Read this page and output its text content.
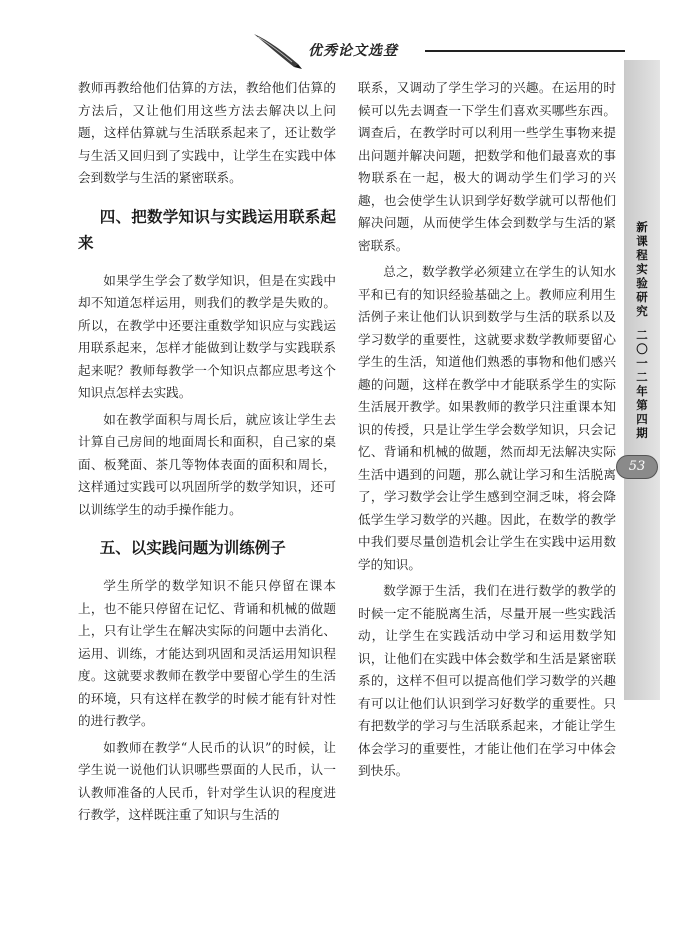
优秀论文选登

教师再教给他们估算的方法，教给他们估算的方法后，又让他们用这些方法去解决以上问题，这样估算就与生活联系起来了，还让数学与生活又回归到了实践中，让学生在实践中体会到数学与生活的紧密联系。

四、把数学知识与实践运用联系起来

如果学生学会了数学知识，但是在实践中却不知道怎样运用，则我们的教学是失败的。所以，在教学中还要注重数学知识应与实践运用联系起来，怎样才能做到让数学与实践联系起来呢？教师每教学一个知识点都应思考这个知识点怎样去实践。

如在教学面积与周长后，就应该让学生去计算自己房间的地面周长和面积，自己家的桌面、板凳面、茶几等物体表面的面积和周长，这样通过实践可以巩固所学的数学知识，还可以训练学生的动手操作能力。

五、以实践问题为训练例子

学生所学的数学知识不能只停留在课本上，也不能只停留在记忆、背诵和机械的做题上，只有让学生在解决实际的问题中去消化、运用、训练，才能达到巩固和灵活运用知识程度。这就要求教师在教学中要留心学生的生活的环境，只有这样在教学的时候才能有针对性的进行教学。

如教师在教学“人民币的认识”的时候，让学生说一说他们认识哪些票面的人民币，认一认教师准备的人民币，针对学生认识的程度进行教学，这样既注重了知识与生活的

联系，又调动了学生学习的兴趣。在运用的时候可以先去调查一下学生们喜欢买哪些东西。调查后，在教学时可以利用一些学生事物来提出问题并解决问题，把数学和他们最喜欢的事物联系在一起，极大的调动学生们学习的兴趣，也会使学生认识到学好数学就可以帮他们解决问题，从而使学生体会到数学与生活的紧密联系。

总之，数学教学必须建立在学生的认知水平和已有的知识经验基础之上。教师应利用生活例子来让他们认识到数学与生活的联系以及学习数学的重要性，这就要求数学教师要留心学生的生活，知道他们熟悉的事物和他们感兴趣的问题，这样在教学中才能联系学生的实际生活展开教学。如果教师的教学只注重课本知识的传授，只是让学生学会数学知识，只会记忆、背诵和机械的做题，然而却无法解决实际生活中遇到的问题，那么就让学习和生活脱离了，学习数学会让学生感到空洞乏味，将会降低学生学习数学的兴趣。因此，在数学的教学中我们要尽量创造机会让学生在实践中运用数学的知识。

数学源于生活，我们在进行数学的教学的时候一定不能脱离生活，尽量开展一些实践活动，让学生在实践活动中学习和运用数学知识，让他们在实践中体会数学和生活是紧密联系的，这样不但可以提高他们学习数学的兴趣有可以让他们认识到学习好数学的重要性。只有把数学的学习与生活联系起来，才能让学生体会学习的重要性，才能让他们在学习中体会到快乐。

新课程实验研究
二〇一二年第四期
53
